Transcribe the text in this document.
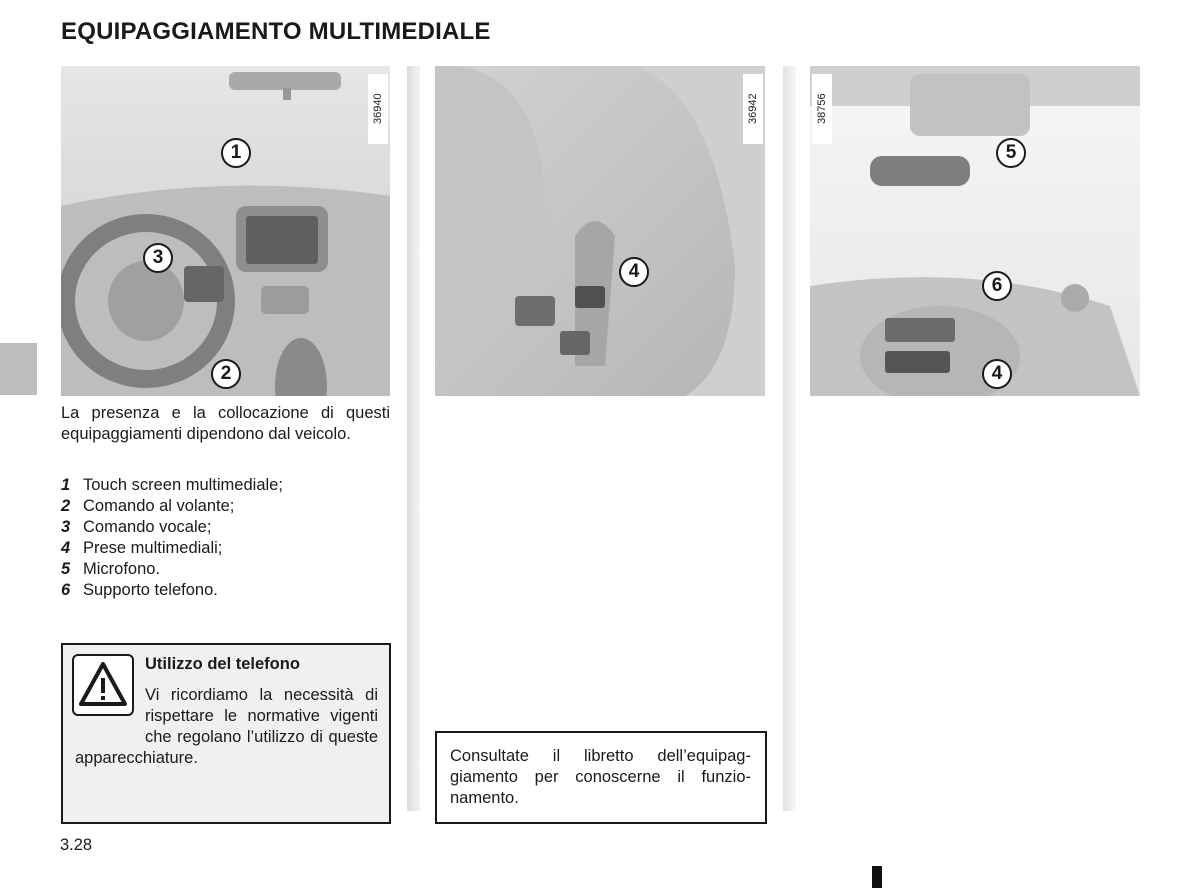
EQUIPAGGIAMENTO MULTIMEDIALE
36940
1
3
2
36942
4
38756
5
6
4

La presenza e la collocazione di questi equipaggiamenti dipendono dal veicolo.

1 Touch screen multimediale;
2 Comando al volante;
3 Comando vocale;
4 Prese multimediali;
5 Microfono.
6 Supporto telefono.
Utilizzo del telefono

Vi ricordiamo la necessità di rispettare le normative vigenti che regolano l’utilizzo di queste apparecchiature.	Consultate il libretto dell’equipaggiamento per conoscerne il funzionamento.

3.28
